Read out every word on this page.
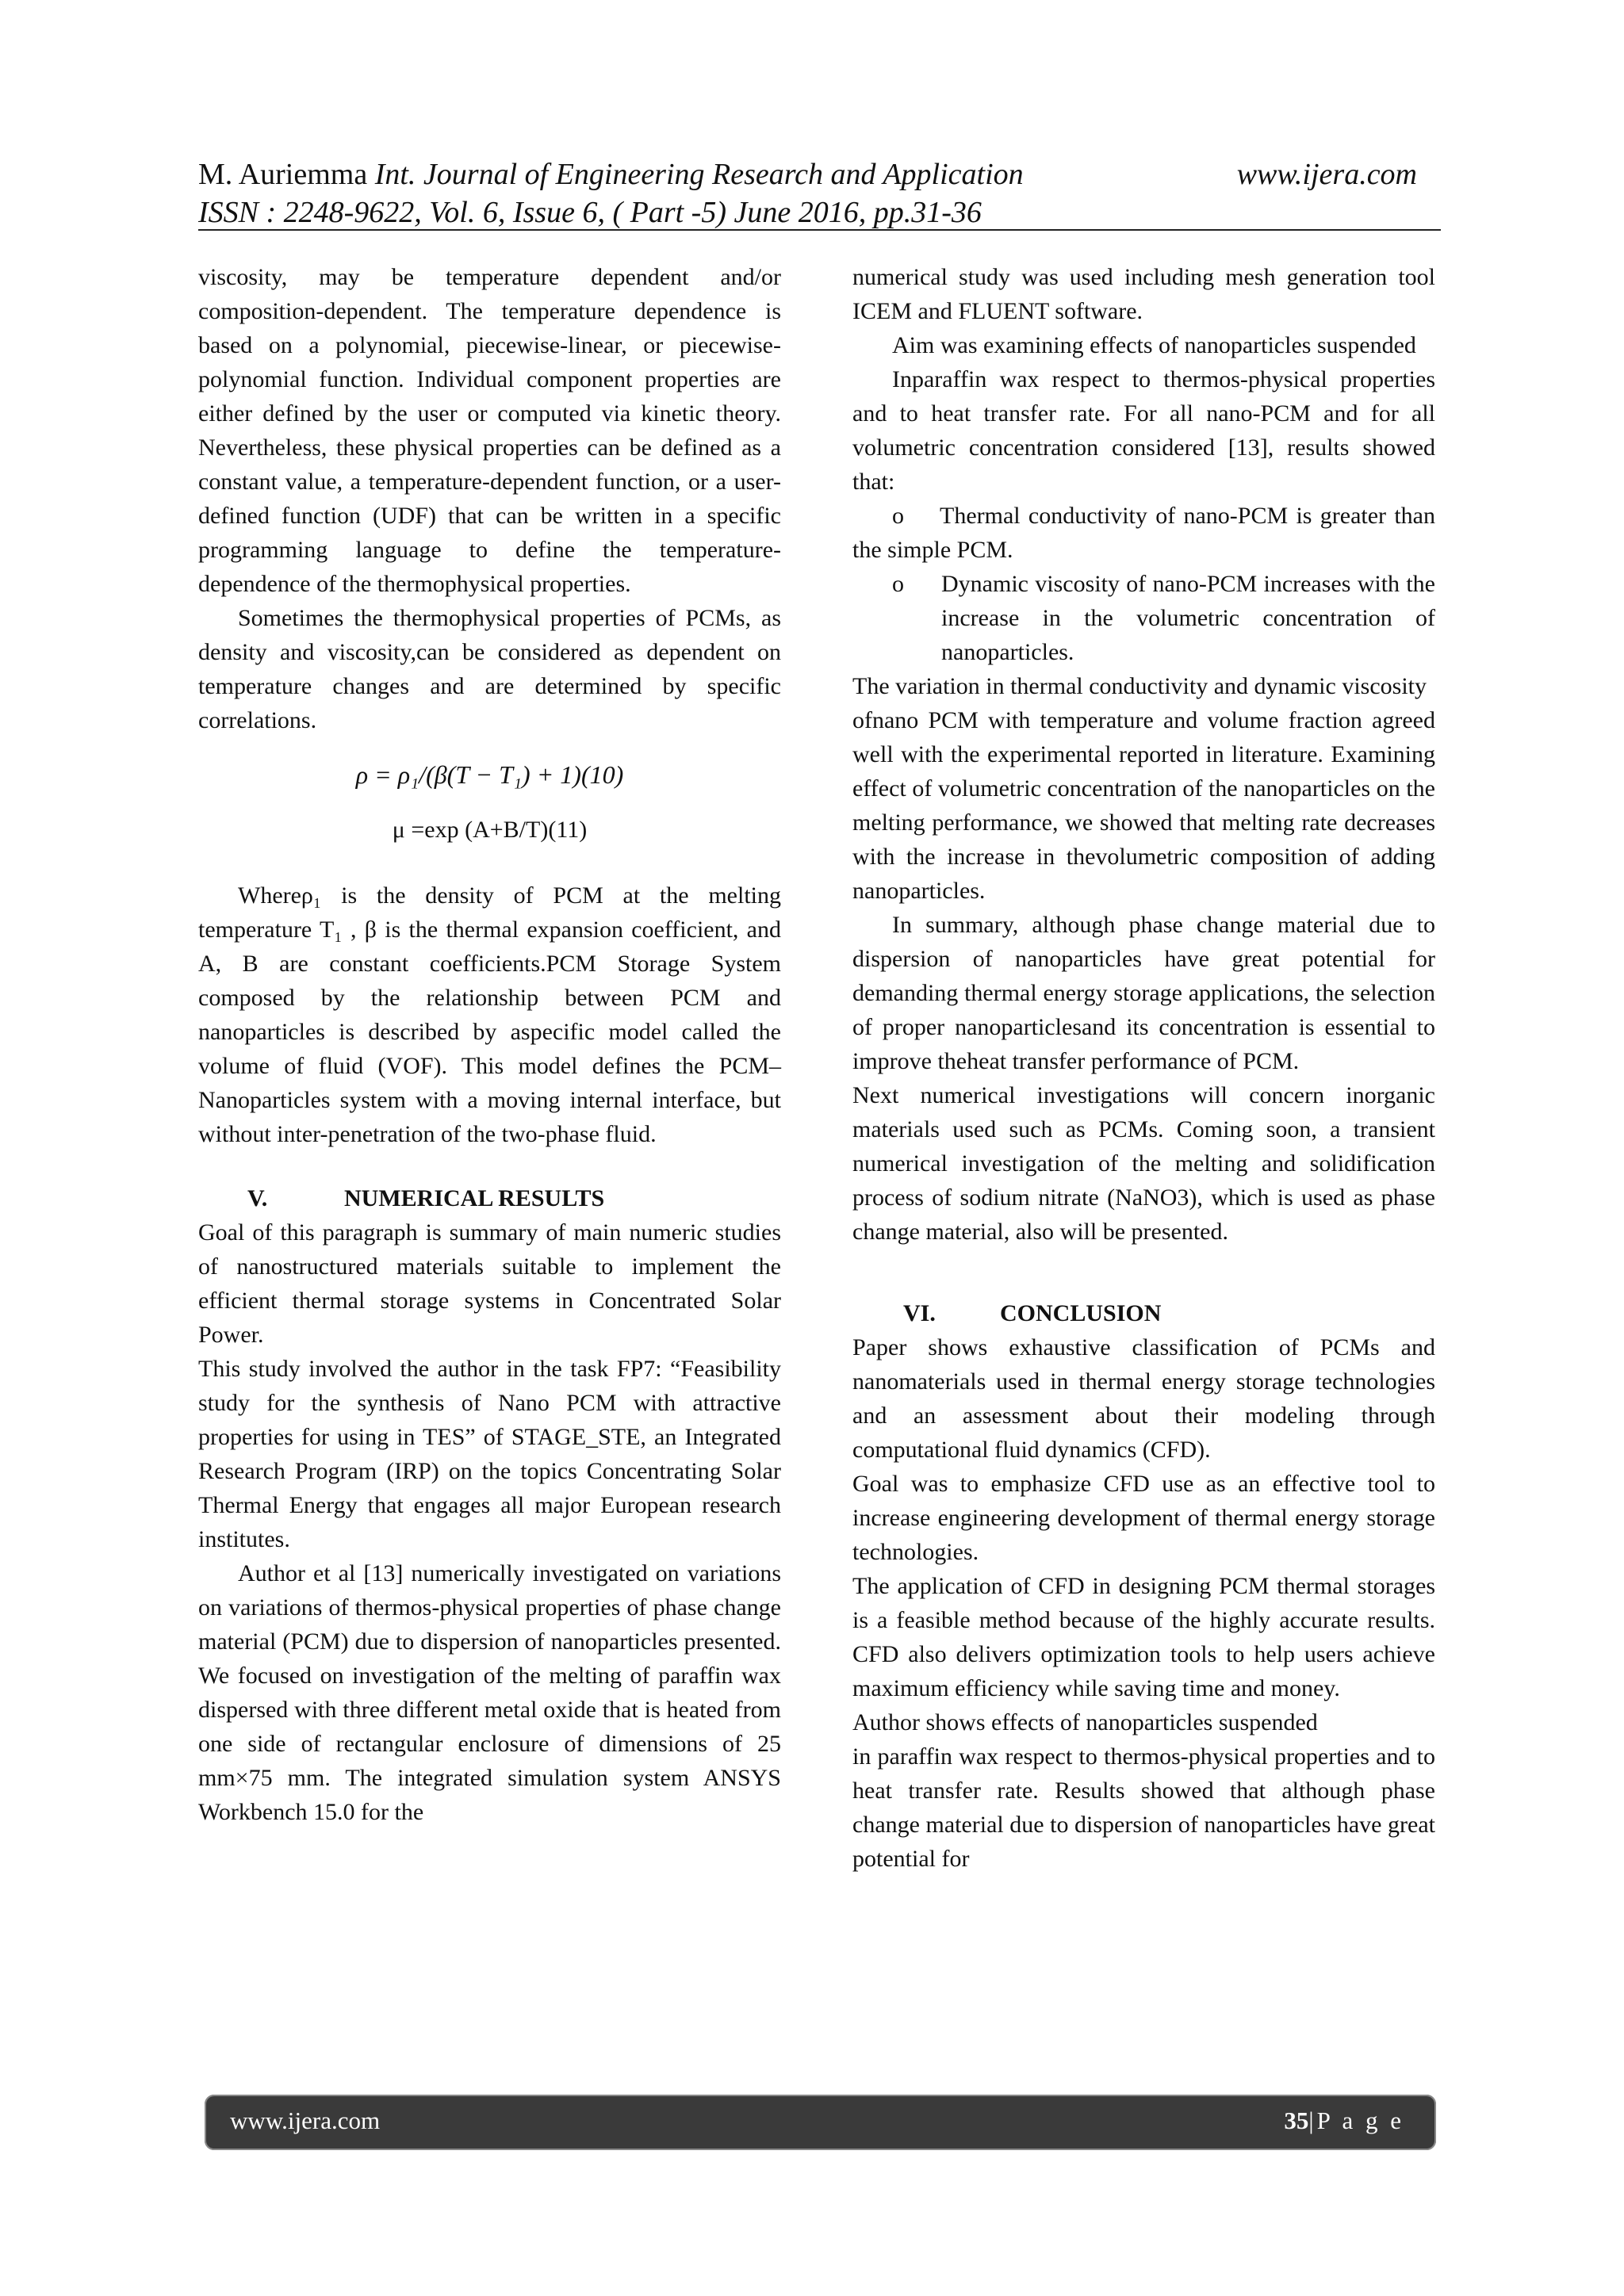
M. Auriemma Int. Journal of Engineering Research and Application	www.ijera.com
ISSN : 2248-9622, Vol. 6, Issue 6, ( Part -5) June 2016, pp.31-36

viscosity, may be temperature dependent and/or composition-dependent. The temperature dependence is based on a polynomial, piecewise-linear, or piecewise-polynomial function. Individual component properties are either defined by the user or computed via kinetic theory. Nevertheless, these physical properties can be defined as a constant value, a temperature-dependent function, or a user-defined function (UDF) that can be written in a specific programming language to define the temperature-dependence of the thermophysical properties.

Sometimes the thermophysical properties of PCMs, as density and viscosity,can be considered as dependent on temperature changes and are determined by specific correlations.

ρ = ρ₁/(β(T − T₁) + 1)(10)

μ =exp (A+B/T)(11)

Whereρ₁ is the density of PCM at the melting temperature T₁ , β is the thermal expansion coefficient, and A, B are constant coefficients.PCM Storage System composed by the relationship between PCM and nanoparticles is described by aspecific model called the volume of fluid (VOF). This model defines the PCM–Nanoparticles system with a moving internal interface, but without inter-penetration of the two-phase fluid.

V.	NUMERICAL RESULTS

Goal of this paragraph is summary of main numeric studies of nanostructured materials suitable to implement the efficient thermal storage systems in Concentrated Solar Power.

This study involved the author in the task FP7: “Feasibility study for the synthesis of Nano PCM with attractive properties for using in TES” of STAGE_STE, an Integrated Research Program (IRP) on the topics Concentrating Solar Thermal Energy that engages all major European research institutes.

Author et al [13] numerically investigated on variations on variations of thermos-physical properties of phase change material (PCM) due to dispersion of nanoparticles presented. We focused on investigation of the melting of paraffin wax dispersed with three different metal oxide that is heated from one side of rectangular enclosure of dimensions of 25 mm×75 mm. The integrated simulation system ANSYS Workbench 15.0 for the

numerical study was used including mesh generation tool ICEM and FLUENT software.

Aim was examining effects of nanoparticles suspended

Inparaffin wax respect to thermos-physical properties and to heat transfer rate. For all nano-PCM and for all volumetric concentration considered [13], results showed that:

o Thermal conductivity of nano-PCM is greater than the simple PCM.

o Dynamic viscosity of nano-PCM increases with the increase in the volumetric concentration of nanoparticles.

The variation in thermal conductivity and dynamic viscosity

ofnano PCM with temperature and volume fraction agreed well with the experimental reported in literature. Examining effect of volumetric concentration of the nanoparticles on the melting performance, we showed that melting rate decreases with the increase in thevolumetric composition of adding nanoparticles.

In summary, although phase change material due to dispersion of nanoparticles have great potential for demanding thermal energy storage applications, the selection of proper nanoparticlesand its concentration is essential to improve theheat transfer performance of PCM.

Next numerical investigations will concern inorganic materials used such as PCMs. Coming soon, a transient numerical investigation of the melting and solidification process of sodium nitrate (NaNO3), which is used as phase change material, also will be presented.

VI.	CONCLUSION

Paper shows exhaustive classification of PCMs and nanomaterials used in thermal energy storage technologies and an assessment about their modeling through computational fluid dynamics (CFD).

Goal was to emphasize CFD use as an effective tool to increase engineering development of thermal energy storage technologies.

The application of CFD in designing PCM thermal storages is a feasible method because of the highly accurate results. CFD also delivers optimization tools to help users achieve maximum efficiency while saving time and money.

Author shows effects of nanoparticles suspended

in paraffin wax respect to thermos-physical properties and to heat transfer rate. Results showed that although phase change material due to dispersion of nanoparticles have great potential for

www.ijera.com	35|P a g e
